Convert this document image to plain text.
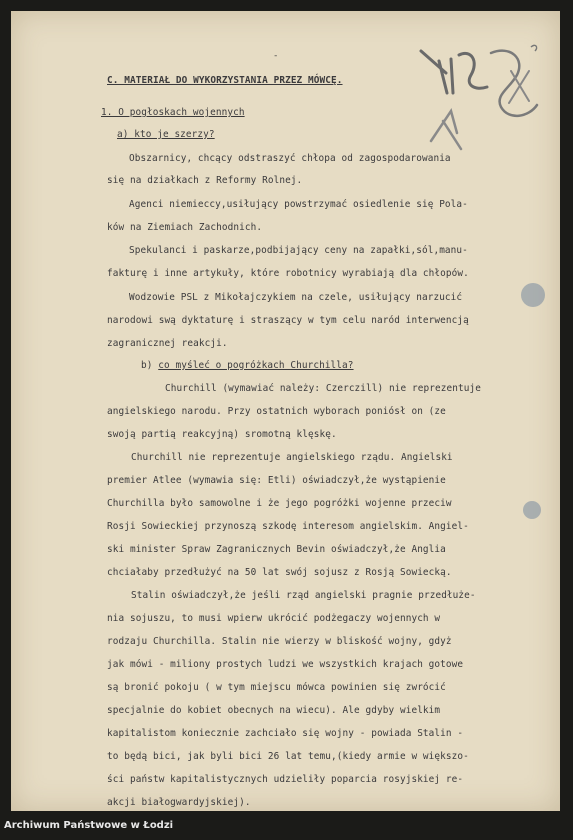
-
C. MATERIAŁ DO WYKORZYSTANIA PRZEZ MÓWCĘ.
1. O pogłoskach wojennych
a) kto je szerzy?
Obszarnicy, chcący odstraszyć chłopa od zagospodarowania
się na działkach z Reformy Rolnej.
Agenci niemieccy,usiłujący powstrzymać osiedlenie się Pola-
ków na Ziemiach Zachodnich.
Spekulanci i paskarze,podbijający ceny na zapałki,sól,manu-
fakturę i inne artykuły, które robotnicy wyrabiają dla chłopów.
Wodzowie PSL z Mikołajczykiem na czele, usiłujący narzucić
narodowi swą dyktaturę i straszący w tym celu naród interwencją
zagranicznej reakcji.
b) co myśleć o pogróżkach Churchilla?
Churchill (wymawiać należy: Czerczill) nie reprezentuje
angielskiego narodu. Przy ostatnich wyborach poniósł on (ze
swoją partią reakcyjną) sromotną klęskę.
Churchill nie reprezentuje angielskiego rządu. Angielski
premier Atlee (wymawia się: Etli) oświadczył,że wystąpienie
Churchilla było samowolne i że jego pogróżki wojenne przeciw
Rosji Sowieckiej przynoszą szkodę interesom angielskim. Angiel-
ski minister Spraw Zagranicznych Bevin oświadczył,że Anglia
chciałaby przedłużyć na 50 lat swój sojusz z Rosją Sowiecką.
Stalin oświadczył,że jeśli rząd angielski pragnie przedłuże-
nia sojuszu, to musi wpierw ukrócić podżegaczy wojennych w
rodzaju Churchilla. Stalin nie wierzy w bliskość wojny, gdyż
jak mówi - miliony prostych ludzi we wszystkich krajach gotowe
są bronić pokoju ( w tym miejscu mówca powinien się zwrócić
specjalnie do kobiet obecnych na wiecu). Ale gdyby wielkim
kapitalistom koniecznie zachciało się wojny - powiada Stalin -
to będą bici, jak byli bici 26 lat temu,(kiedy armie w większo-
ści państw kapitalistycznych udzieliły poparcia rosyjskiej re-
akcji białogwardyjskiej).
Archiwum Państwowe w Łodzi
